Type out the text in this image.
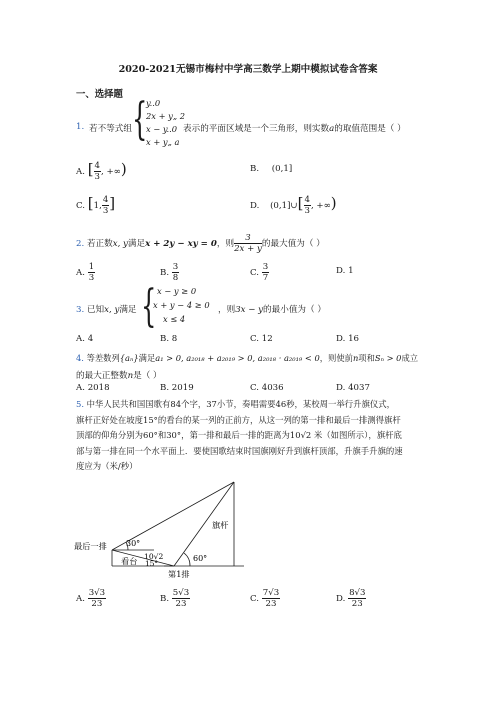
2020-2021无锡市梅村中学高三数学上期中模拟试卷含答案
一、选择题
1. 若不等式组 {
y..0
2x + y„ 2
x − y..0
x + y„ a
表示的平面区域是一个三角形，则实数a的取值范围是（ ）
A. [ $\frac{4}{3}$ , +∞)	B. (0,1]
C. [1, $\frac{4}{3}$ ]	D. (0,1]∪[ $\frac{4}{3}$ , +∞)
2. 若正数x, y满足x + 2y − xy = 0，则 $\frac{3}{2x + y}$ 的最大值为（ ）
A. $\frac{1}{3}$	B. $\frac{3}{8}$	C. $\frac{3}{7}$	D. 1
3. 已知x, y满足 { x − y ≥ 0
x + y − 4 ≥ 0
x ≤ 4
，则3x − y的最小值为（ ）
A. 4	B. 8	C. 12	D. 16
4. 等差数列{aₙ}满足a₁ > 0, a₂₀₁₈ + a₂₀₁₉ > 0, a₂₀₁₈ · a₂₀₁₉ < 0，则使前n项和Sₙ > 0成立
的最大正整数n是（ ）
A. 2018	B. 2019	C. 4036	D. 4037
5. 中华人民共和国国歌有84个字，37小节，奏唱需要46秒，某校周一举行升旗仪式，
旗杆正好处在坡度15°的看台的某一列的正前方，从这一列的第一排和最后一排测得旗杆
顶部的仰角分别为60°和30°，第一排和最后一排的距离为10√2 米（如图所示），旗杆底
部与第一排在同一个水平面上．要使国歌结束时国旗刚好升到旗杆顶部，升旗手升旗的速
度应为（米/秒）
旗杆
最后一排 30°
10√2
看台 15°
60°
第1排
A. $\frac{3√3}{23}$	B. $\frac{5√3}{23}$	C. $\frac{7√3}{23}$	D. $\frac{8√3}{23}$
